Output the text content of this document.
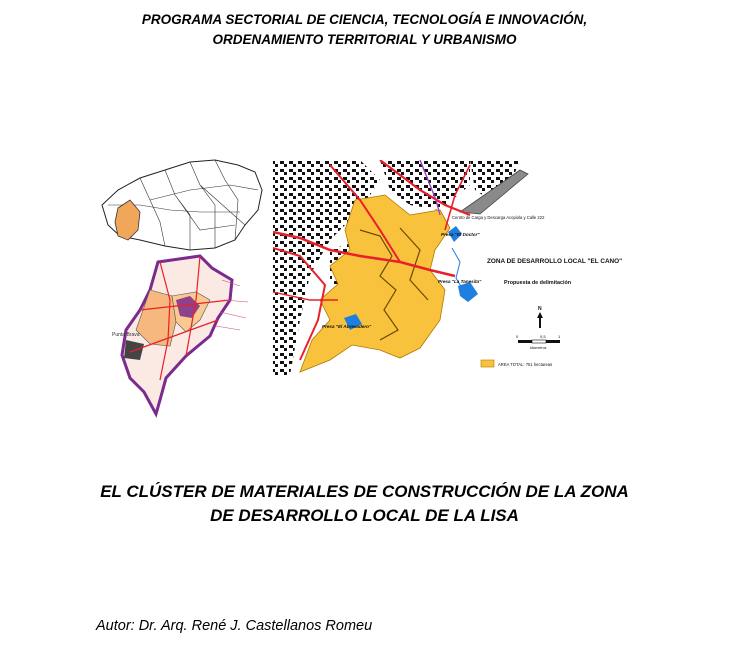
PROGRAMA SECTORIAL DE CIENCIA, TECNOLOGÍA E INNOVACIÓN,
ORDENAMIENTO TERRITORIAL Y URBANISMO
Punta Brava
Centro de Carga y Descarga Acopiola y Calle 222
Presa "El Doctor"
Presa "La Tanesita"
Presa "El Abrevadero"
ZONA DE DESARROLLO LOCAL "EL CANO"
Propuesta de delimitación
N
0	0,5	1
kilometros
AREA TOTAL: 751 hectareas
EL CLÚSTER DE MATERIALES DE CONSTRUCCIÓN DE LA ZONA
DE DESARROLLO LOCAL DE LA LISA
Autor: Dr. Arq. René J. Castellanos Romeu
